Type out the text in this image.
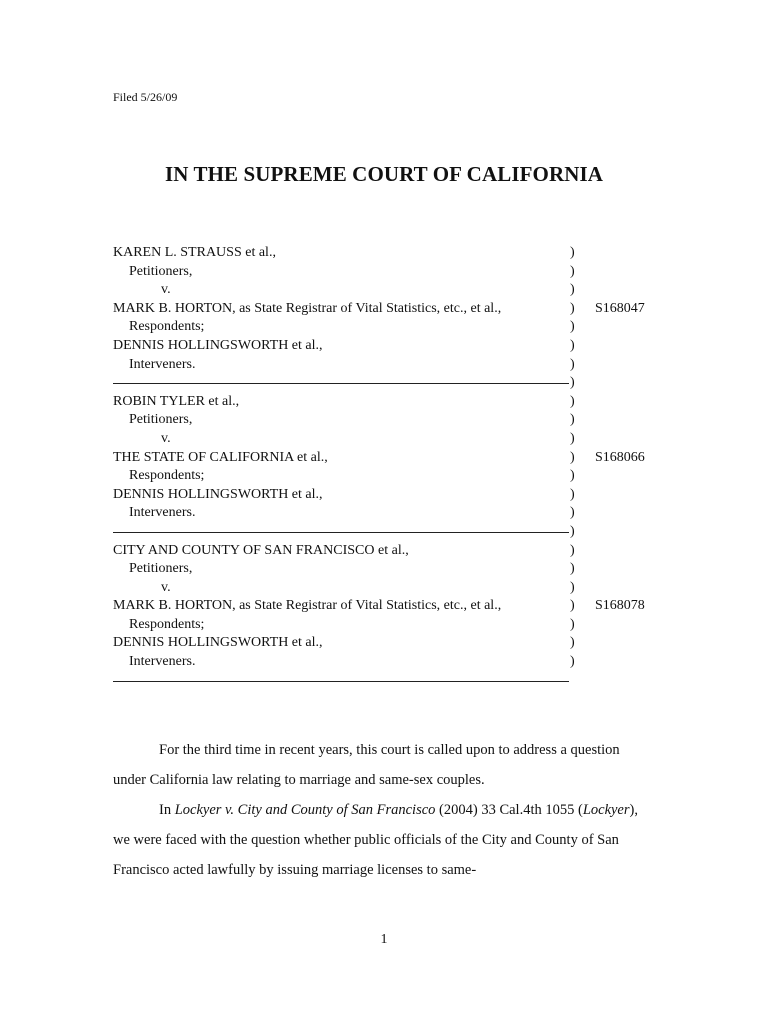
Filed 5/26/09
IN THE SUPREME COURT OF CALIFORNIA
KAREN L. STRAUSS et al.,	)
Petitioners,	)
v.	)
MARK B. HORTON, as State Registrar of Vital Statistics, etc., et al.,	) S168047
Respondents;	)
DENNIS HOLLINGSWORTH et al.,	)
Interveners.	)
)
ROBIN TYLER et al.,	)
Petitioners,	)
v.	)
THE STATE OF CALIFORNIA et al.,	) S168066
Respondents;	)
DENNIS HOLLINGSWORTH et al.,	)
Interveners.	)
)
CITY AND COUNTY OF SAN FRANCISCO et al.,	)
Petitioners,	)
v.	)
MARK B. HORTON, as State Registrar of Vital Statistics, etc., et al.,	) S168078
Respondents;	)
DENNIS HOLLINGSWORTH et al.,	)
Interveners.	)

For the third time in recent years, this court is called upon to address a question under California law relating to marriage and same-sex couples.

In Lockyer v. City and County of San Francisco (2004) 33 Cal.4th 1055 (Lockyer), we were faced with the question whether public officials of the City and County of San Francisco acted lawfully by issuing marriage licenses to same-

1
